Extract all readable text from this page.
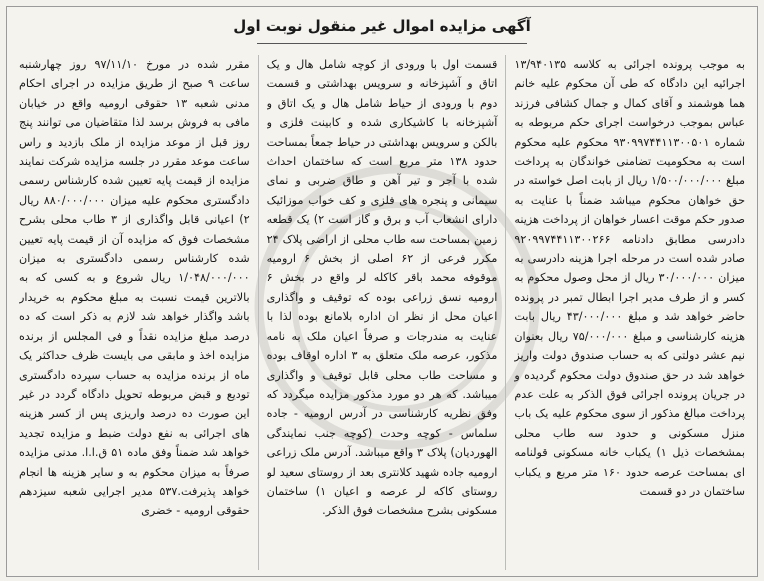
آگهی مزایده اموال غیر منقول نوبت اول

به موجب پرونده اجرائی به کلاسه ۱۳/۹۴۰۱۳۵ اجرائیه این دادگاه که طی آن محکوم علیه خانم هما هوشمند و آقای کمال و جمال کشافی فرزند عباس بموجب درخواست اجرای حکم مربوطه به شماره ۹۳۰۹۹۷۴۴۱۱۳۰۰۵۰۱ محکوم علیه محکوم است به محکومیت تضامنی خواندگان به پرداخت مبلغ ۱/۵۰۰/۰۰۰/۰۰۰ ریال از بابت اصل خواسته در حق خواهان محکوم میباشد ضمناً با عنایت به صدور حکم موقت اعسار خواهان از پرداخت هزینه دادرسی مطابق دادنامه ۹۲۰۹۹۷۴۴۱۱۳۰۰۲۶۶ صادر شده است در مرحله اجرا هزینه دادرسی به میزان ۳۰/۰۰۰/۰۰۰ ریال از محل وصول محکوم به کسر و از طرف مدیر اجرا ابطال تمبر در پرونده حاضر خواهد شد و مبلغ ۴۳/۰۰۰/۰۰۰ ریال بابت هزینه کارشناسی و مبلغ ۷۵/۰۰۰/۰۰۰ ریال بعنوان نیم عشر دولتی که به حساب صندوق دولت واریز خواهد شد در حق صندوق دولت محکوم گردیده و در جریان پرونده اجرائی فوق الذکر به علت عدم پرداخت مبالغ مذکور از سوی محکوم علیه یک باب منزل مسکونی و حدود سه طاب محلی بمشخصات ذیل ۱) یکباب خانه مسکونی قولنامه ای بمساحت عرصه حدود ۱۶۰ متر مربع و یکباب ساختمان در دو قسمت

قسمت اول با ورودی از کوچه شامل هال و یک اتاق و آشپزخانه و سرویس بهداشتی و قسمت دوم با ورودی از حیاط شامل هال و یک اتاق و آشپزخانه با کاشیکاری شده و کابینت فلزی و بالکن و سرویس بهداشتی در حیاط جمعاً بمساحت حدود ۱۳۸ متر مربع است که ساختمان احداث شده با آجر و تیر آهن و طاق ضربی و نمای سیمانی و پنجره های فلزی و کف خواب موزائیک دارای انشعاب آب و برق و گاز است ۲) یک قطعه زمین بمساحت سه طاب محلی از اراضی پلاک ۲۴ مکرر فرعی از ۶۲ اصلی از بخش ۶ ارومیه موقوفه محمد باقر کاکله لر واقع در بخش ۶ ارومیه نسق زراعی بوده که توقیف و واگذاری اعیان محل از نظر ان اداره بلامانع بوده لذا با عنایت به مندرجات و صرفاً اعیان ملک به نامه مذکور، عرصه ملک متعلق به ۳ اداره اوقاف بوده و مساحت طاب محلی قابل توقیف و واگذاری میباشد. که هر دو مورد مذکور مزایده میگردد که وفق نظریه کارشناسی در آدرس ارومیه - جاده سلماس - کوچه وحدت (کوچه جنب نمایندگی الهوردیان) پلاک ۳ واقع میباشد. آدرس ملک زراعی ارومیه جاده شهید کلانتری بعد از روستای سعید لو روستای کاکه لر عرصه و اعیان ۱) ساختمان مسکونی بشرح مشخصات فوق الذکر.

مقرر شده در مورخ ۹۷/۱۱/۱۰ روز چهارشنبه ساعت ۹ صبح از طریق مزایده در اجرای احکام مدنی شعبه ۱۳ حقوقی ارومیه واقع در خیابان مافی به فروش برسد لذا متقاضیان می توانند پنج روز قبل از موعد مزایده از ملک بازدید و راس ساعت موعد مقرر در جلسه مزایده شرکت نمایند مزایده از قیمت پایه تعیین شده کارشناس رسمی دادگستری محکوم علیه میزان ۸۸۰/۰۰۰/۰۰۰ ریال ۲) اعیانی قابل واگذاری از ۳ طاب محلی بشرح مشخصات فوق که مزایده آن از قیمت پایه تعیین شده کارشناس رسمی دادگستری به میزان ۱/۰۴۸/۰۰۰/۰۰۰ ریال شروع و به کسی که به بالاترین قیمت نسبت به مبلغ محکوم به خریدار باشد واگذار خواهد شد لازم به ذکر است که ده درصد مبلغ مزایده نقداً و فی المجلس از برنده مزایده اخذ و مابقی می بایست ظرف حداکثر یک ماه از برنده مزایده به حساب سپرده دادگستری تودیع و قبض مربوطه تحویل دادگاه گردد در غیر این صورت ده درصد واریزی پس از کسر هزینه های اجرائی به نفع دولت ضبط و مزایده تجدید خواهد شد ضمناً وفق ماده ۵۱ ق.ا.ا. مدنی مزایده صرفاً به میزان محکوم به و سایر هزینه ها انجام خواهد پذیرفت.۵۳۷ مدیر اجرایی شعبه سیزدهم حقوقی ارومیه - خضری
